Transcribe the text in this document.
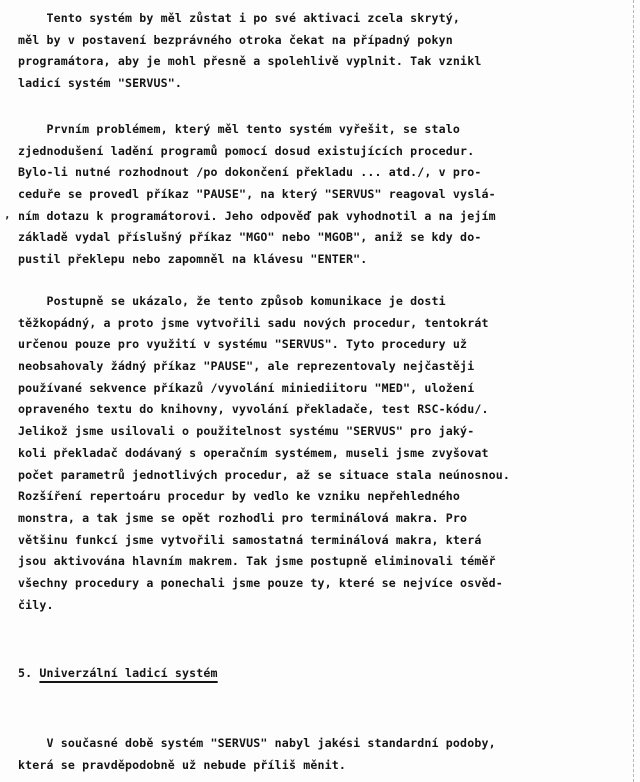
Tento systém by měl zůstat i po své aktivaci zcela skrytý,
měl by v postavení bezprávného otroka čekat na případný pokyn
programátora, aby je mohl přesně a spolehlivě vyplnit. Tak vznikl
ladicí systém "SERVUS".
Prvním problémem, který měl tento systém vyřešit, se stalo
zjednodušení ladění programů pomocí dosud existujících procedur.
Bylo-li nutné rozhodnout /po dokončení překladu ... atd./, v pro-
ceduře se provedl příkaz "PAUSE", na který "SERVUS" reagoval vyslá-
ním dotazu k programátorovi. Jeho odpověď pak vyhodnotil a na jejím
základě vydal příslušný příkaz "MGO" nebo "MGOB", aniž se kdy do-
pustil překlepu nebo zapomněl na klávesu "ENTER".
,
Postupně se ukázalo, že tento způsob komunikace je dosti
těžkopádný, a proto jsme vytvořili sadu nových procedur, tentokrát
určenou pouze pro využití v systému "SERVUS". Tyto procedury už
neobsahovaly žádný příkaz "PAUSE", ale reprezentovaly nejčastěji
používané sekvence příkazů /vyvolání miniediitoru "MED", uložení
opraveného textu do knihovny, vyvolání překladače, test RSC-kódu/.
Jelikož jsme usilovali o použitelnost systému "SERVUS" pro jaký-
koli překladač dodávaný s operačním systémem, museli jsme zvyšovat
počet parametrů jednotlivých procedur, až se situace stala neúnosnou.
Rozšíření repertoáru procedur by vedlo ke vzniku nepřehledného
monstra, a tak jsme se opět rozhodli pro terminálová makra. Pro
většinu funkcí jsme vytvořili samostatná terminálová makra, která
jsou aktivována hlavním makrem. Tak jsme postupně eliminovali téměř
všechny procedury a ponechali jsme pouze ty, které se nejvíce osvěd-
čily.
5. Univerzální ladicí systém
V současné době systém "SERVUS" nabyl jakési standardní podoby,
která se pravděpodobně už nebude příliš měnit.
